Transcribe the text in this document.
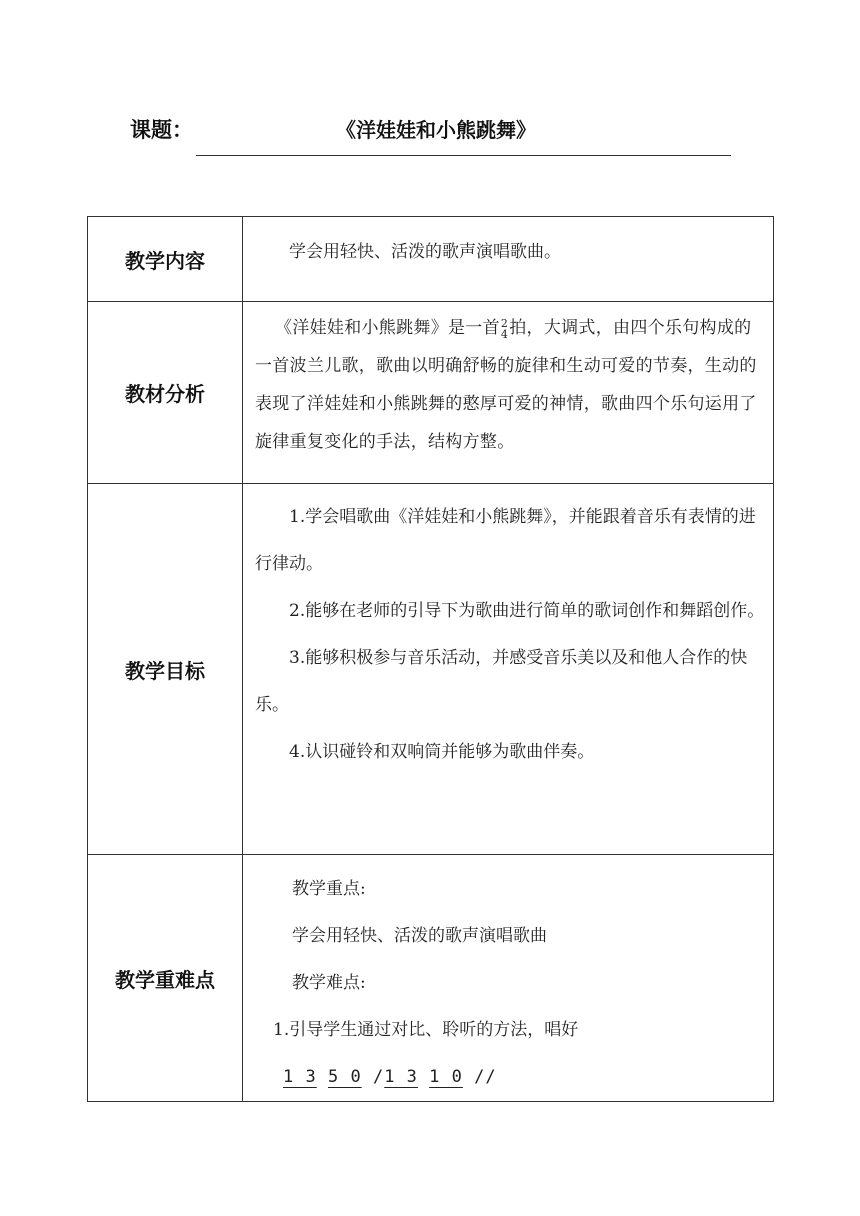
课题：	《洋娃娃和小熊跳舞》
教学内容	学会用轻快、活泼的歌声演唱歌曲。

教材分析	《洋娃娃和小熊跳舞》是一首 2
4 拍，大调式，由四个乐句构成的一首波兰儿歌，歌曲以明确舒畅的旋律和生动可爱的节奏，生动的表现了洋娃娃和小熊跳舞的憨厚可爱的神情，歌曲四个乐句运用了旋律重复变化的手法，结构方整。

教学目标	1.学会唱歌曲《洋娃娃和小熊跳舞》，并能跟着音乐有表情的进行律动。

2.能够在老师的引导下为歌曲进行简单的歌词创作和舞蹈创作。

3.能够积极参与音乐活动，并感受音乐美以及和他人合作的快乐。

4.认识碰铃和双响筒并能够为歌曲伴奏。

教学重难点	教学重点:

学会用轻快、活泼的歌声演唱歌曲

教学难点:

1.引导学生通过对比、聆听的方法，唱好

1 3 5 0 /1 3 1 0 //
